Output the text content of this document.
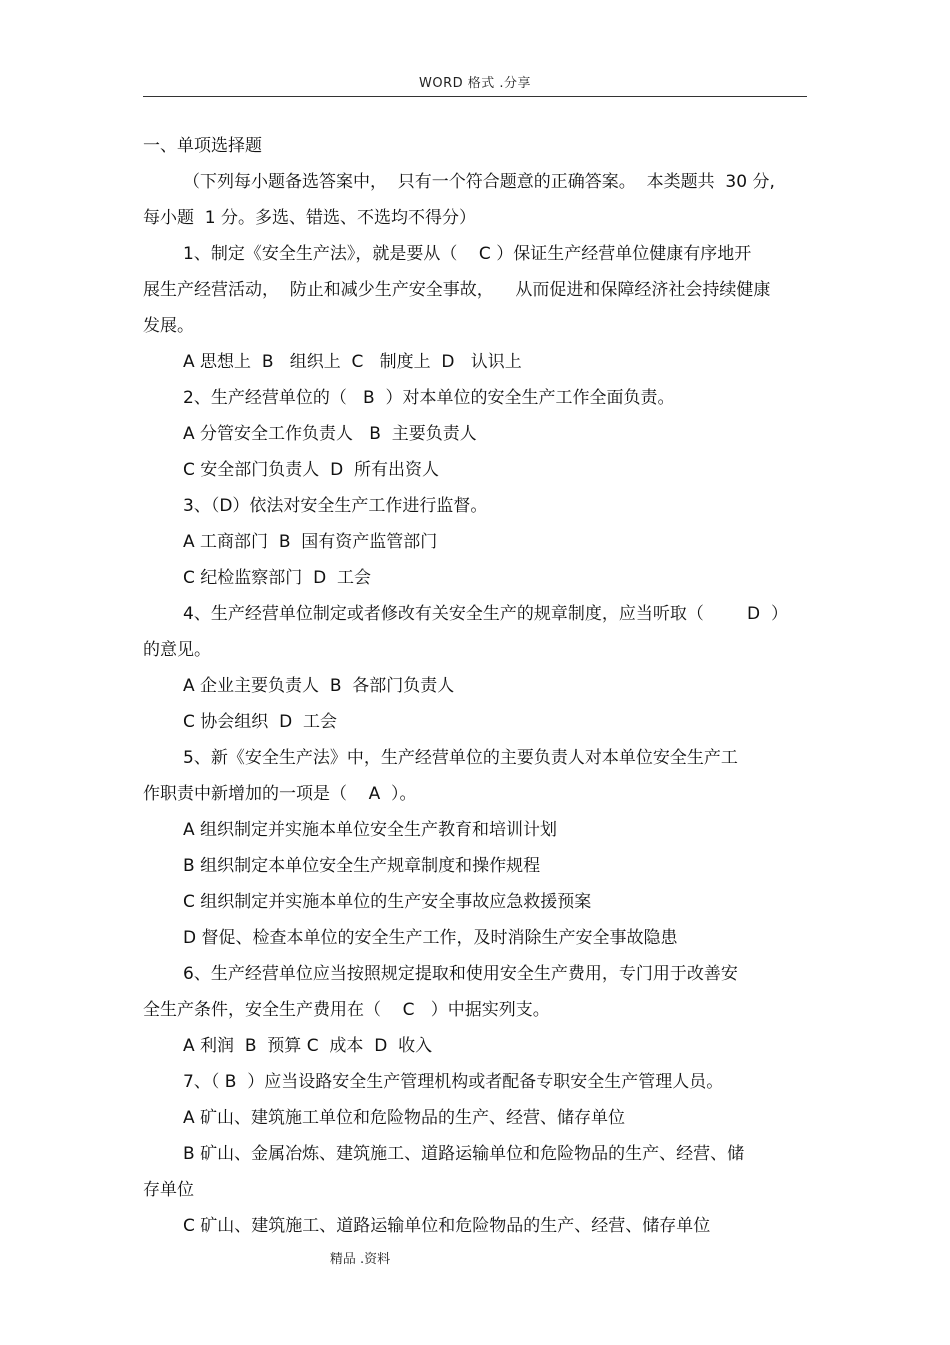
WORD 格式 .分享
一、单项选择题
（下列每小题备选答案中，  只有一个符合题意的正确答案。  本类题共  30 分,
每小题  1 分。多选、错选、不选均不得分）
1、制定《安全生产法》，就是要从（    C ）保证生产经营单位健康有序地开
展生产经营活动，  防止和减少生产安全事故，    从而促进和保障经济社会持续健康
发展。
A 思想上  B   组织上  C   制度上  D   认识上
2、生产经营单位的（   B  ）对本单位的安全生产工作全面负责。
A 分管安全工作负责人   B  主要负责人
C 安全部门负责人  D  所有出资人
3、（D）依法对安全生产工作进行监督。
A 工商部门  B  国有资产监管部门
C 纪检监察部门  D  工会
4、生产经营单位制定或者修改有关安全生产的规章制度，应当听取（        D  ）
的意见。
A 企业主要负责人  B  各部门负责人
C 协会组织  D  工会
5、新《安全生产法》中，生产经营单位的主要负责人对本单位安全生产工
作职责中新增加的一项是（    A  ）。
A 组织制定并实施本单位安全生产教育和培训计划
B 组织制定本单位安全生产规章制度和操作规程
C 组织制定并实施本单位的生产安全事故应急救援预案
D 督促、检查本单位的安全生产工作，及时消除生产安全事故隐患
6、生产经营单位应当按照规定提取和使用安全生产费用，专门用于改善安
全生产条件，安全生产费用在（    C   ）中据实列支。
A 利润  B  预算 C  成本  D  收入
7、（ B  ）应当设路安全生产管理机构或者配备专职安全生产管理人员。
A 矿山、建筑施工单位和危险物品的生产、经营、储存单位
B 矿山、金属冶炼、建筑施工、道路运输单位和危险物品的生产、经营、储
存单位
C 矿山、建筑施工、道路运输单位和危险物品的生产、经营、储存单位
精品 .资料
